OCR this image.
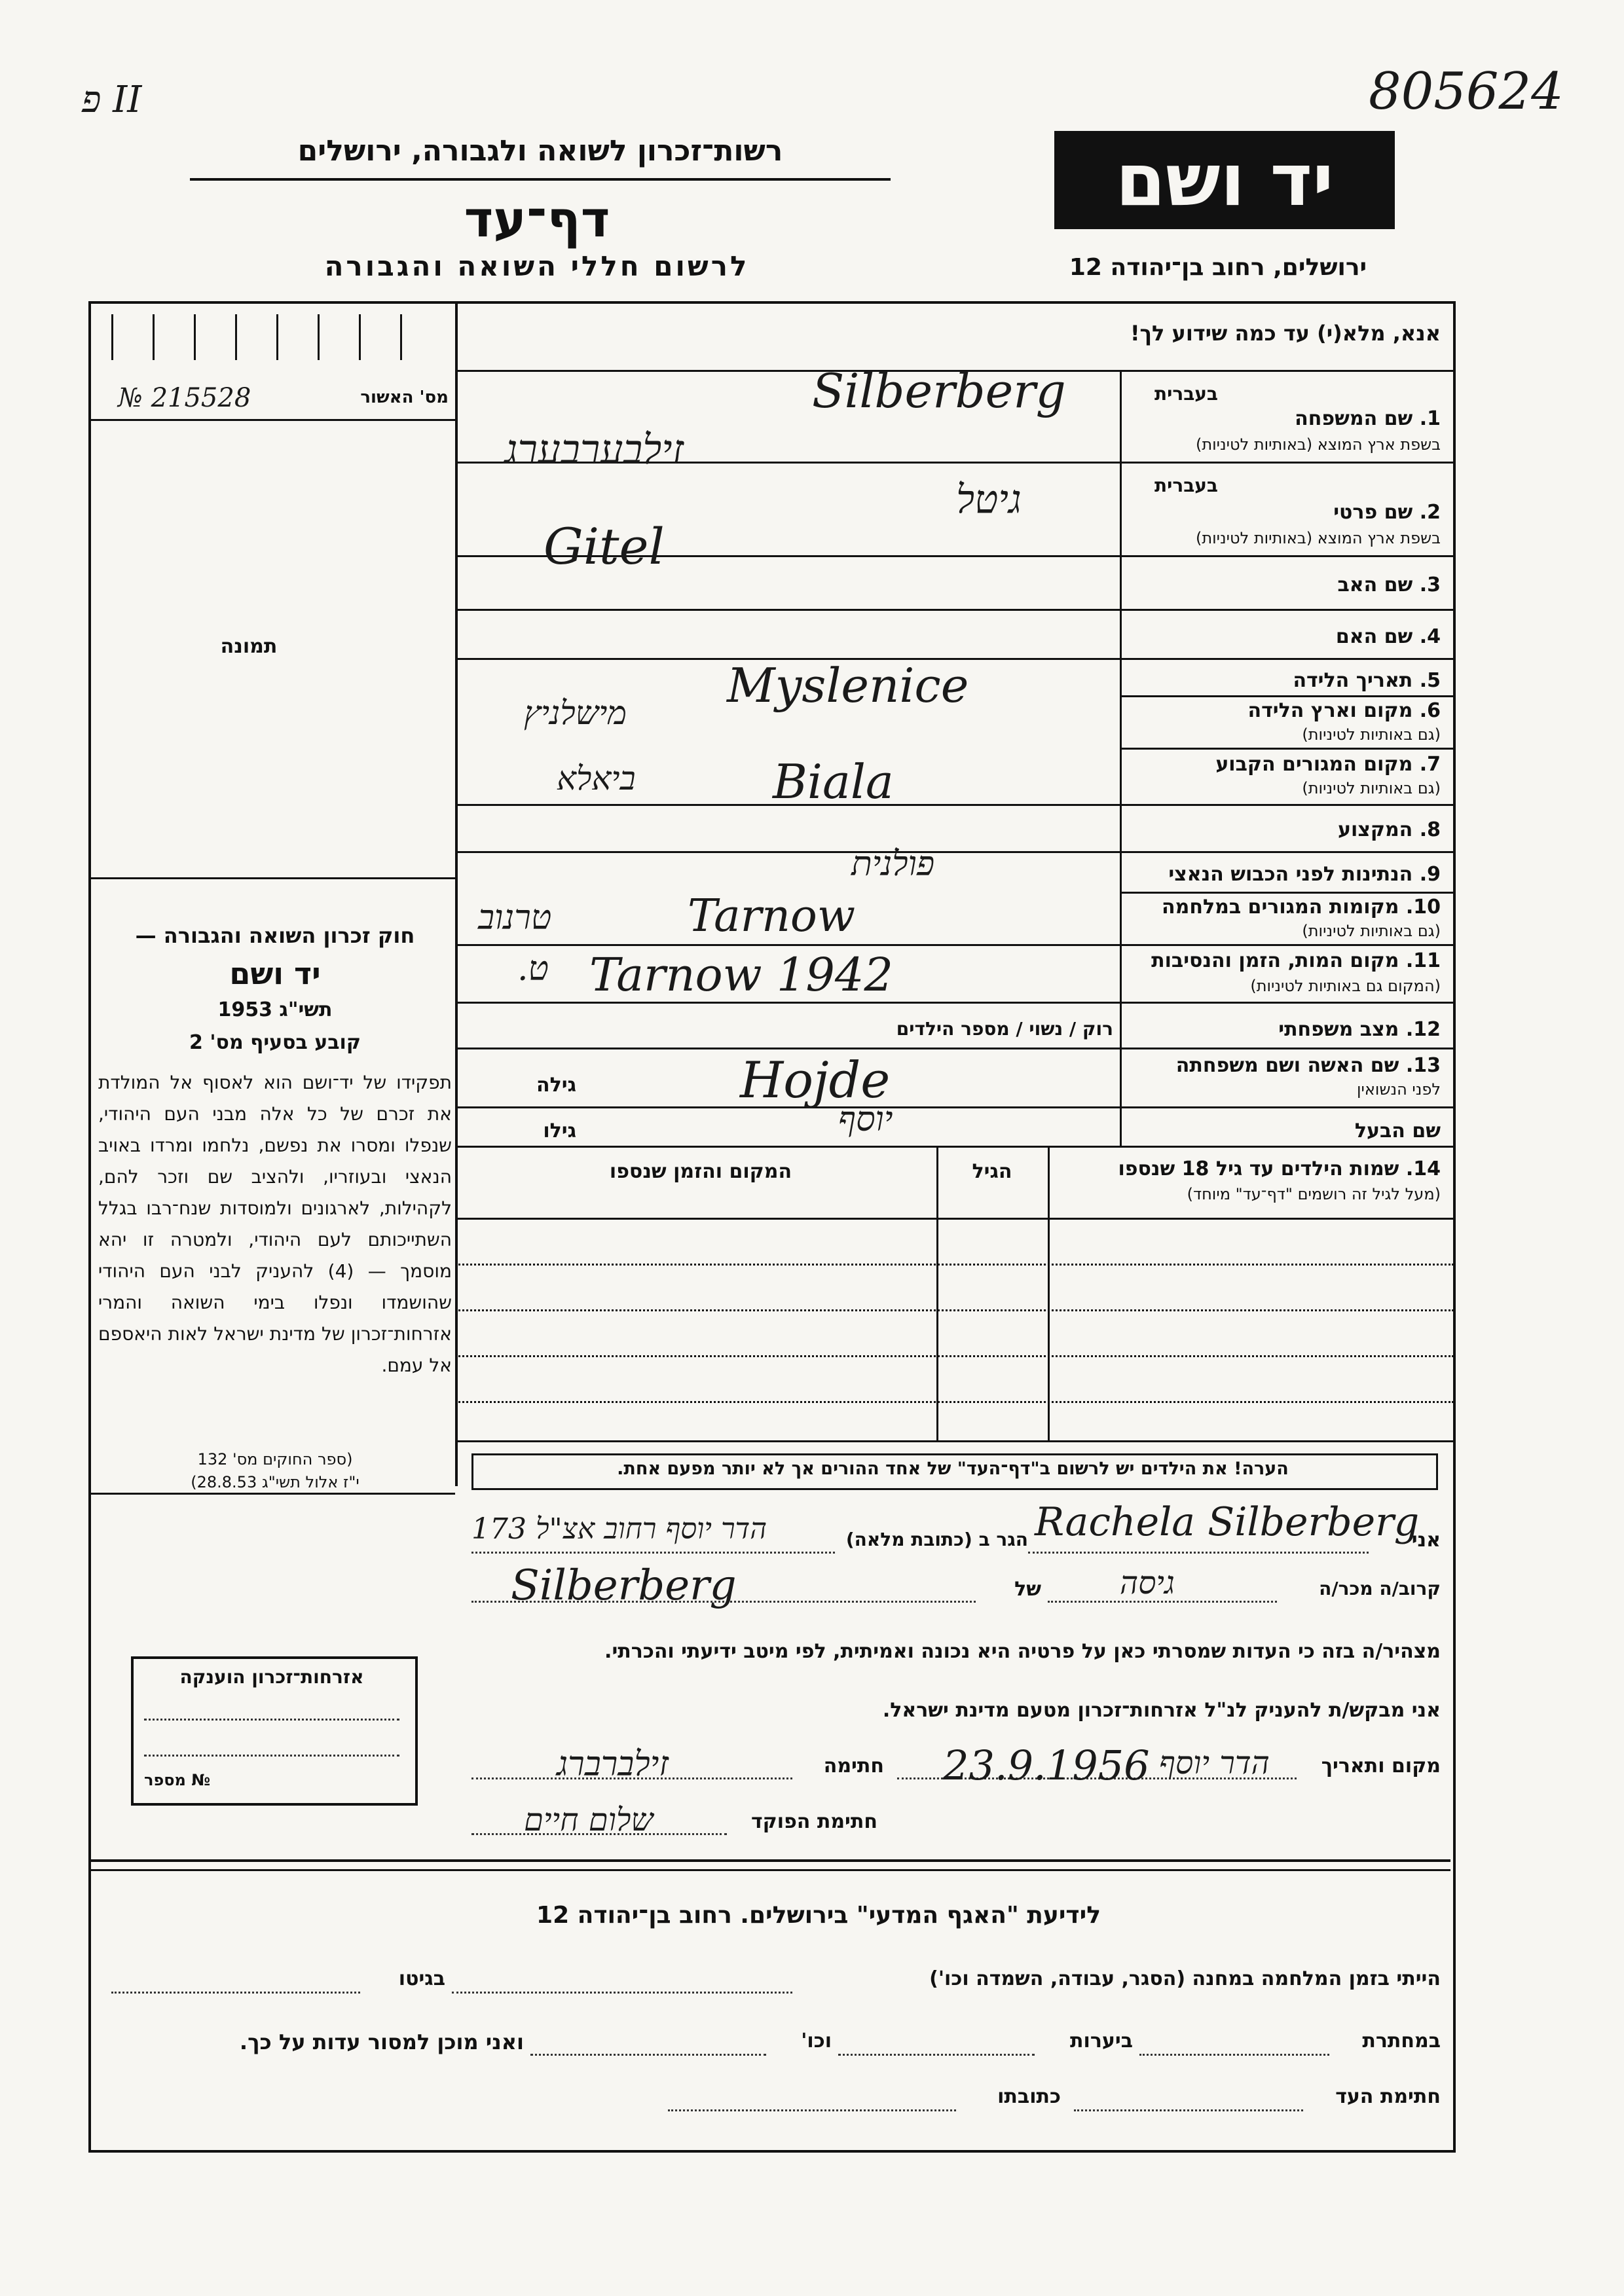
פ II	805624
רשות־זכרון לשואה ולגבורה, ירושלים
דף־עד
לרשום חללי השואה והגבורה
יד ושם
ירושלים, רחוב בן־יהודה 12
מס' האשור
№ 215528
תמונה
חוק זכרון השואה והגבורה —
יד ושם
תשי"ג 1953
קובע בסעיף מס' 2
תפקידו של יד־ושם הוא לאסוף אל המולדת את זכרם של כל אלה מבני העם היהודי, שנפלו ומסרו את נפשם, נלחמו ומרדו באויב הנאצי ובעוזריו, ולהציב שם וזכר להם, לקהילות, לארגונים ולמוסדות שנח־רבו בגלל השתייכותם לעם היהודי, ולמטרה זו יהא מוסמך — (4) להעניק לבני העם היהודי שהושמדו ונפלו בימי השואה והמרי אזרחות־זכרון של מדינת ישראל לאות היאספם אל עמם.
(ספר החוקים מס' 132
י"ז אלול תשי"ג 28.8.53)
אנא, מלא(י) עד כמה שידוע לך!
בעברית
1. שם המשפחה
בשפת ארץ המוצא (באותיות לטיניות)
בעברית
2. שם פרטי
בשפת ארץ המוצא (באותיות לטיניות)
3. שם האב
4. שם האם
5. תאריך הלידה
6. מקום וארץ הלידה
(גם באותיות לטיניות)
7. מקום המגורים הקבוע
(גם באותיות לטיניות)
8. המקצוע
9. הנתינות לפני הכבוש הנאצי
10. מקומות המגורים במלחמה
(גם באותיות לטיניות)
11. מקום המות, הזמן והנסיבות
(המקום גם באותיות לטיניות)
12. מצב משפחתי
רוק / נשוי / מספר הילדים
13. שם האשה ושם משפחתה
לפני הנשואין
גילה
שם הבעל
גילו
14. שמות הילדים עד גיל 18 שנספו
(מעל לגיל זה רושמים "דף־עד" מיוחד)
הגיל
המקום והזמן שנספו
הערה! את הילדים יש לרשום ב"דף־העד" של אחד ההורים אך לא יותר מפעם אחת.
אני
הגר ב (כתובת מלאה)
קרוב/ה מכר/ה
של
מצהיר/ה בזה כי העדות שמסרתי כאן על פרטיה היא נכונה ואמיתית, לפי מיטב ידיעתי והכרתי.
אני מבקש/ת להעניק לנ"ל אזרחות־זכרון מטעם מדינת ישראל.
מקום ותאריך
חתימה
חתימת הפוקד
אזרחות־זכרון הוענקה
מספר №
לידיעת "האגף המדעי" בירושלים. רחוב בן־יהודה 12
הייתי בזמן המלחמה במחנה (הסגר, עבודה, השמדה וכו')
בגיטו
במחתרת
ביערות
וכו'
ואני מוכן למסור עדות על כך.
חתימת העד
כתובתו
Silberberg
זילבערבערג
גיטל
Gitel
Myslenice
מישלניץ
Biala
ביאלא
פולנית
Tarnow
טרנוב
ט. Tarnow 1942
Hojde
יוסף
Rachela Silberberg
הדר יוסף רחוב אצ"ל 173
Silberberg	גיסה
23.9.1956 הדר יוסף
זילברברג
שלום חיים
